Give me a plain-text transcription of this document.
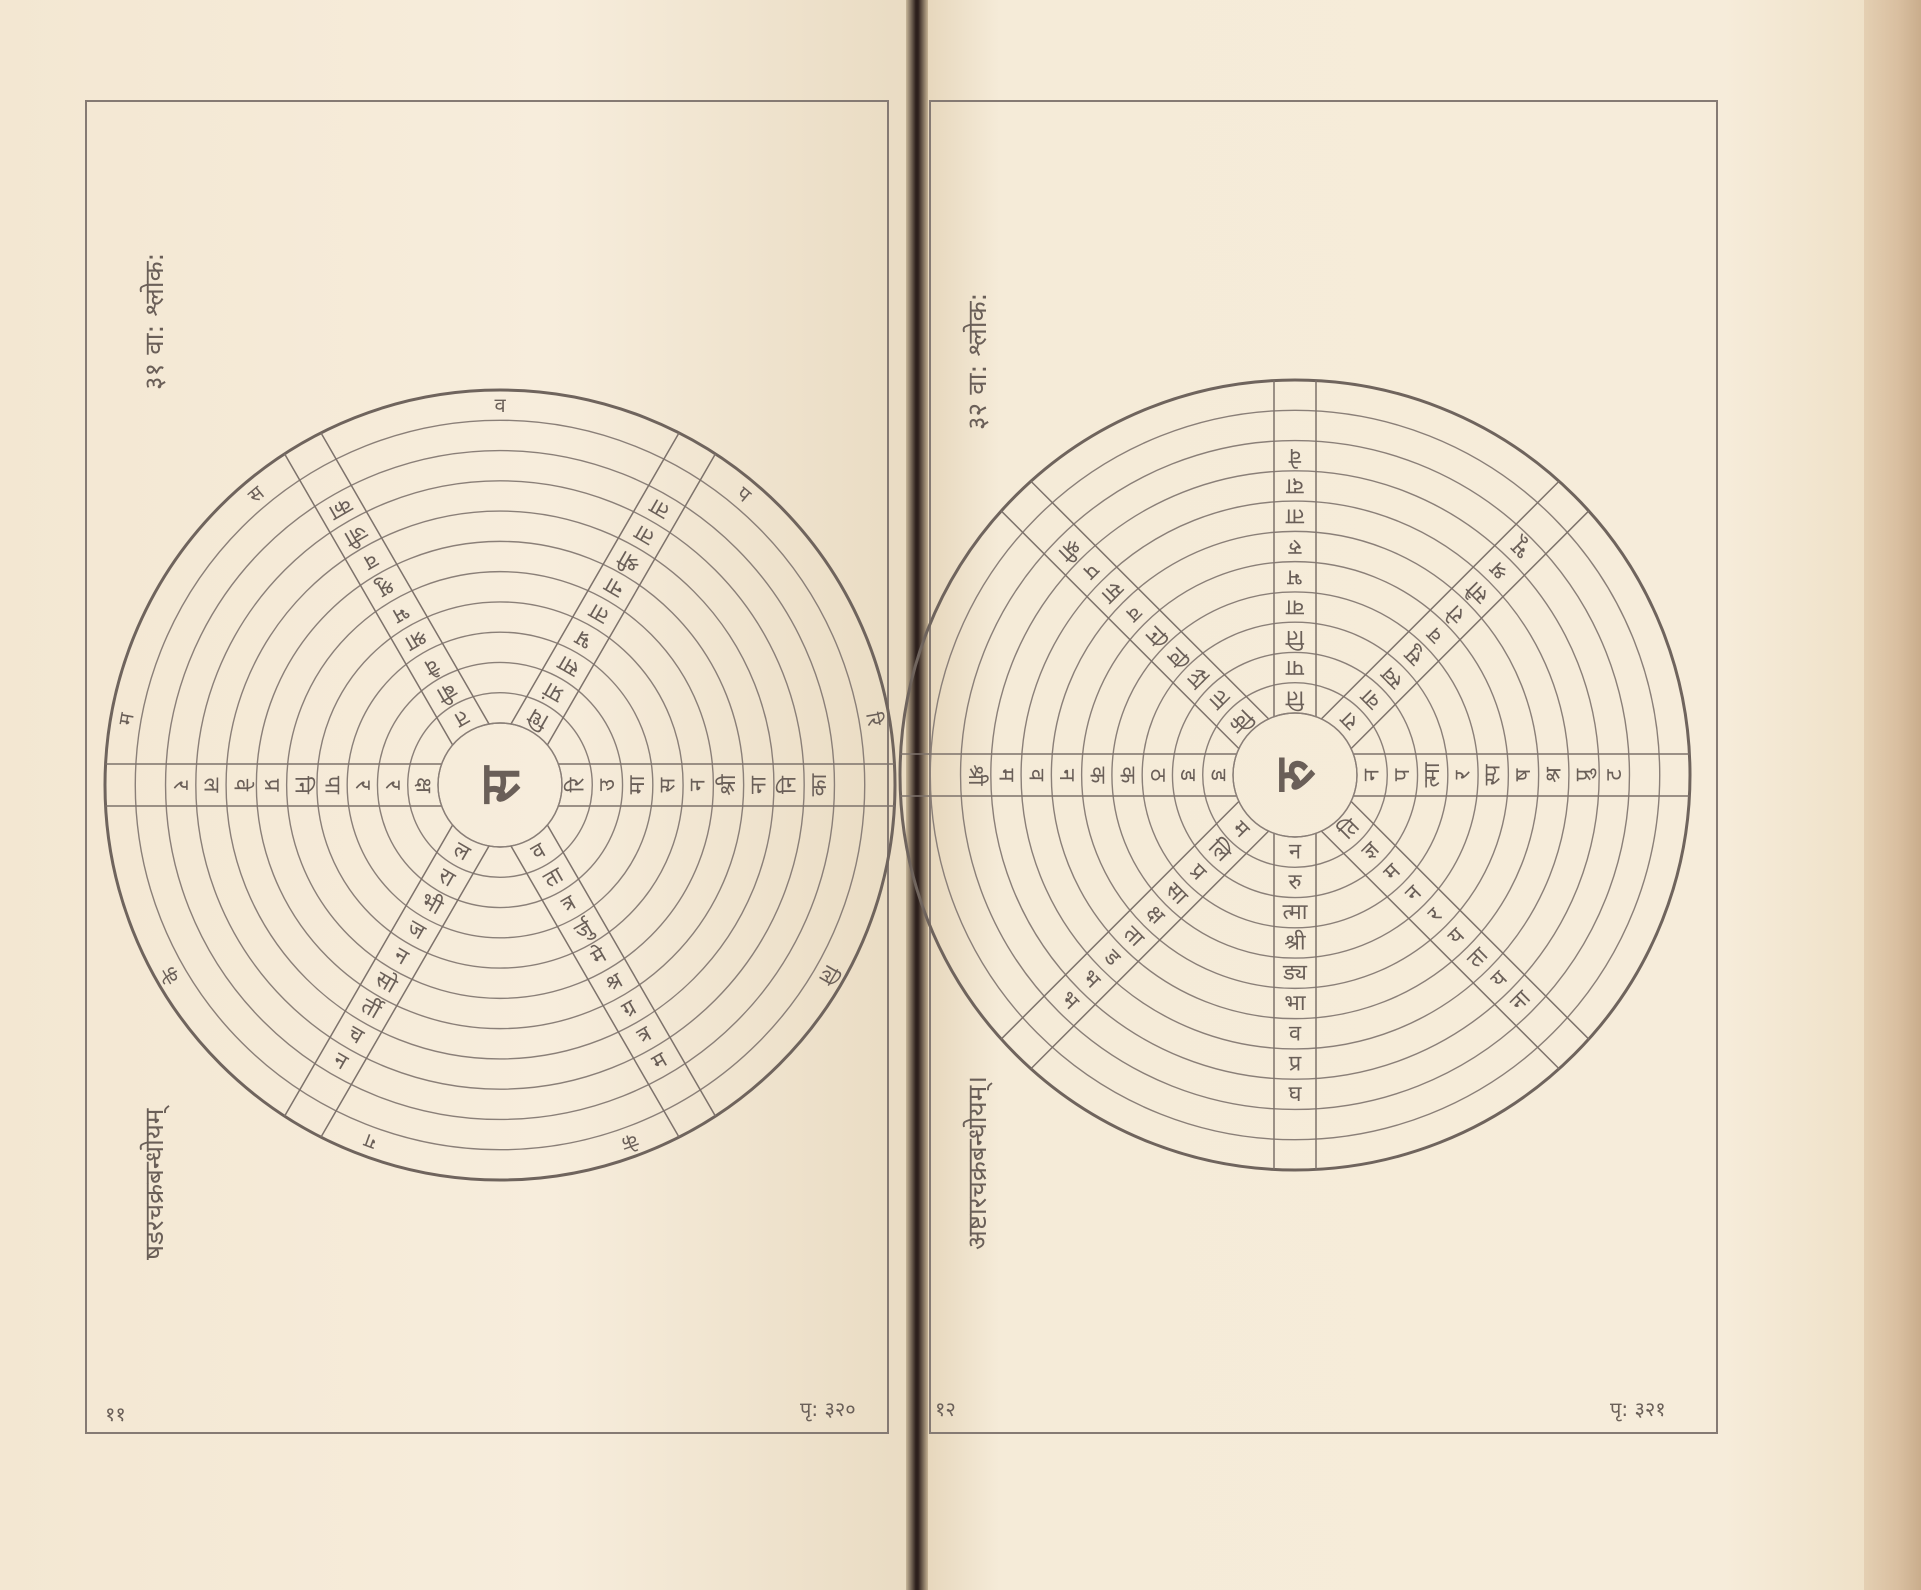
३१ वा: श्लोक:
षडरचक्रबन्धोयम्
११	पृ: ३२०
३२ वा: श्लोक:
अष्टारचक्रबन्धोयम्।
१२	पृ: ३२१
रि उ मा स न श्री ना नि का
व
ता
त्र
र्जु
मे
श्र
ग्र
त्र
म
ल
रा
भी
ज
न
सो
र्ती
च
न
क्ष
र
र
पा
नि
प्र
वे
ल
र
त
बी
वै
श्रा
भ
श्रु
व
जी
का
धि
प्रां
सा
भ्र
ता
ना
श्री
ता
ता
लि
के
ग
के
म
स
व
प
रि
स
ति
पा
ति
वा
भ
रु
ता
दा
वे
रा
वा
स्व
सु
व
रो
सौ
श्र
भू
न प त्मा र स्प ष श्र प्रु ट
ति
ज्ञ
म
न
र
य
ता
य
ना
न
रु
त्मा
श्री
ड्य
भा
व
प्र
घ
म
लि
प्र
सा
क्ष
ता
ड
भ
भ
ड
ड
ठ
क
क
न
व
म
श्री
कि
ता
स्त
वि
नि
व
सा
प
श्री
रु
